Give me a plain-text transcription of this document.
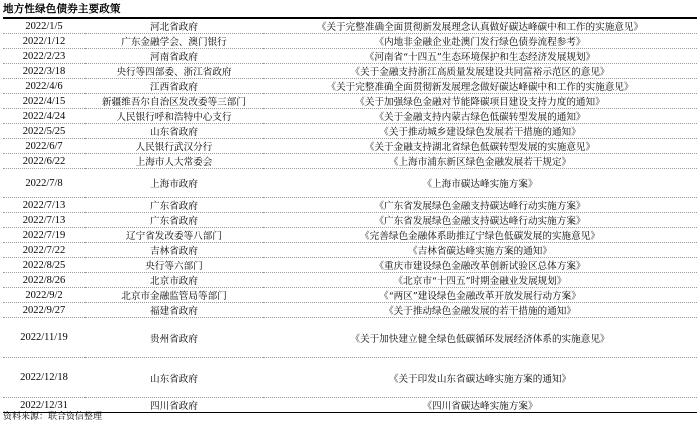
地方性绿色债券主要政策
2022/1/5	河北省政府	《关于完整准确全面贯彻新发展理念认真做好碳达峰碳中和工作的实施意见》
2022/1/12	广东金融学会、澳门银行	《内地非金融企业赴澳门发行绿色债券流程参考》
2022/2/23	河南省政府	《河南省“十四五”生态环境保护和生态经济发展规划》
2022/3/18	央行等四部委、浙江省政府	《关于金融支持浙江高质量发展建设共同富裕示范区的意见》
2022/4/6	江西省政府	《关于完整准确全面贯彻新发展理念做好碳达峰碳中和工作的实施意见》
2022/4/15	新疆维吾尔自治区发改委等三部门	《关于加强绿色金融对节能降碳项目建设支持力度的通知》
2022/4/24	人民银行呼和浩特中心支行	《关于金融支持内蒙古绿色低碳转型发展的通知》
2022/5/25	山东省政府	《关于推动城乡建设绿色发展若干措施的通知》
2022/6/7	人民银行武汉分行	《关于金融支持湖北省绿色低碳转型发展的实施意见》
2022/6/22	上海市人大常委会	《上海市浦东新区绿色金融发展若干规定》
2022/7/8	上海市政府	《上海市碳达峰实施方案》
2022/7/13	广东省政府	《广东省发展绿色金融支持碳达峰行动实施方案》
2022/7/13	广东省政府	《广东省发展绿色金融支持碳达峰行动实施方案》
2022/7/19	辽宁省发改委等八部门	《完善绿色金融体系助推辽宁绿色低碳发展的实施意见》
2022/7/22	吉林省政府	《吉林省碳达峰实施方案的通知》
2022/8/25	央行等六部门	《重庆市建设绿色金融改革创新试验区总体方案》
2022/8/26	北京市政府	《北京市“十四五”时期金融业发展规划》
2022/9/2	北京市金融监管局等部门	《“两区”建设绿色金融改革开放发展行动方案》
2022/9/27	福建省政府	《关于推动绿色金融发展的若干措施的通知》
2022/11/19	贵州省政府	《关于加快建立健全绿色低碳循环发展经济体系的实施意见》
2022/12/18	山东省政府	《关于印发山东省碳达峰实施方案的通知》
2022/12/31	四川省政府	《四川省碳达峰实施方案》
资料来源：联合资信整理
